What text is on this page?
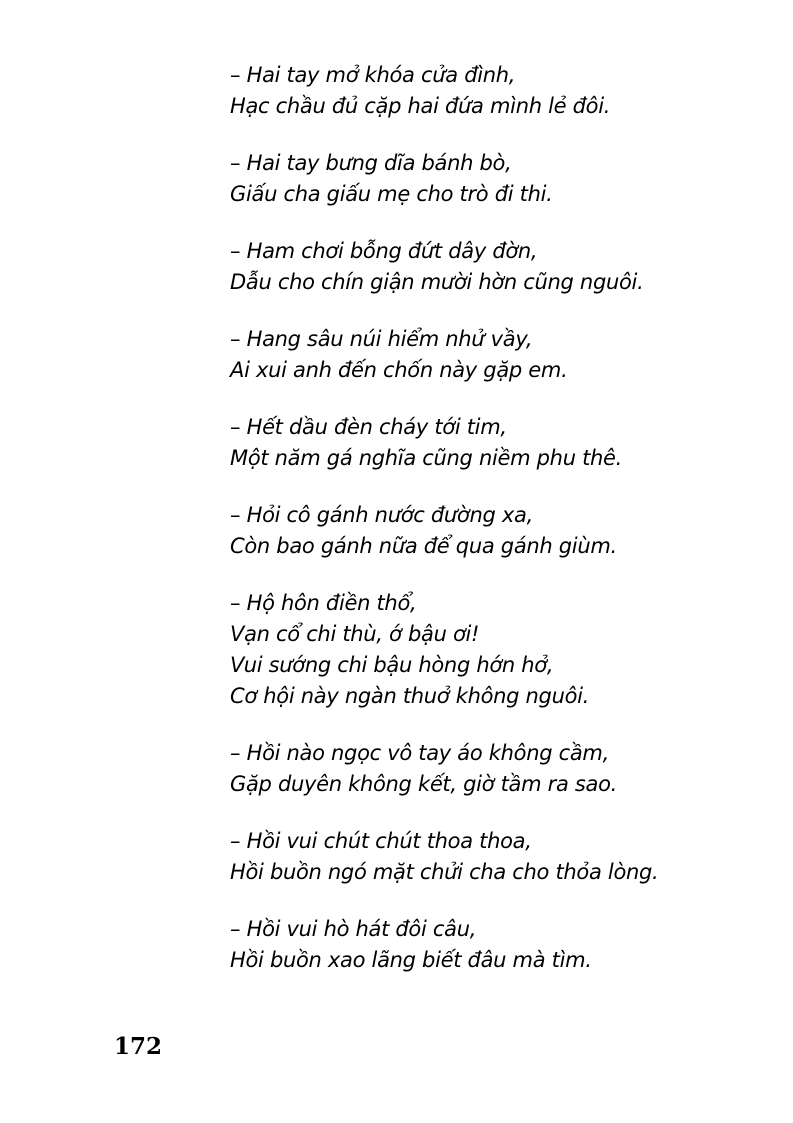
– Hai tay mở khóa cửa đình,
Hạc chầu đủ cặp hai đứa mình lẻ đôi.
– Hai tay bưng dĩa bánh bò,
Giấu cha giấu mẹ cho trò đi thi.
– Ham chơi bỗng đứt dây đờn,
Dẫu cho chín giận mười hờn cũng nguôi.
– Hang sâu núi hiểm nhử vầy,
Ai xui anh đến chốn này gặp em.
– Hết dầu đèn cháy tới tim,
Một năm gá nghĩa cũng niềm phu thê.
– Hỏi cô gánh nước đường xa,
Còn bao gánh nữa để qua gánh giùm.
– Hộ hôn điền thổ,
Vạn cổ chi thù, ớ bậu ơi!
Vui sướng chi bậu hòng hớn hở,
Cơ hội này ngàn thuở không nguôi.
– Hồi nào ngọc vô tay áo không cầm,
Gặp duyên không kết, giờ tầm ra sao.
– Hồi vui chút chút thoa thoa,
Hồi buồn ngó mặt chửi cha cho thỏa lòng.
– Hồi vui hò hát đôi câu,
Hồi buồn xao lãng biết đâu mà tìm.
172
